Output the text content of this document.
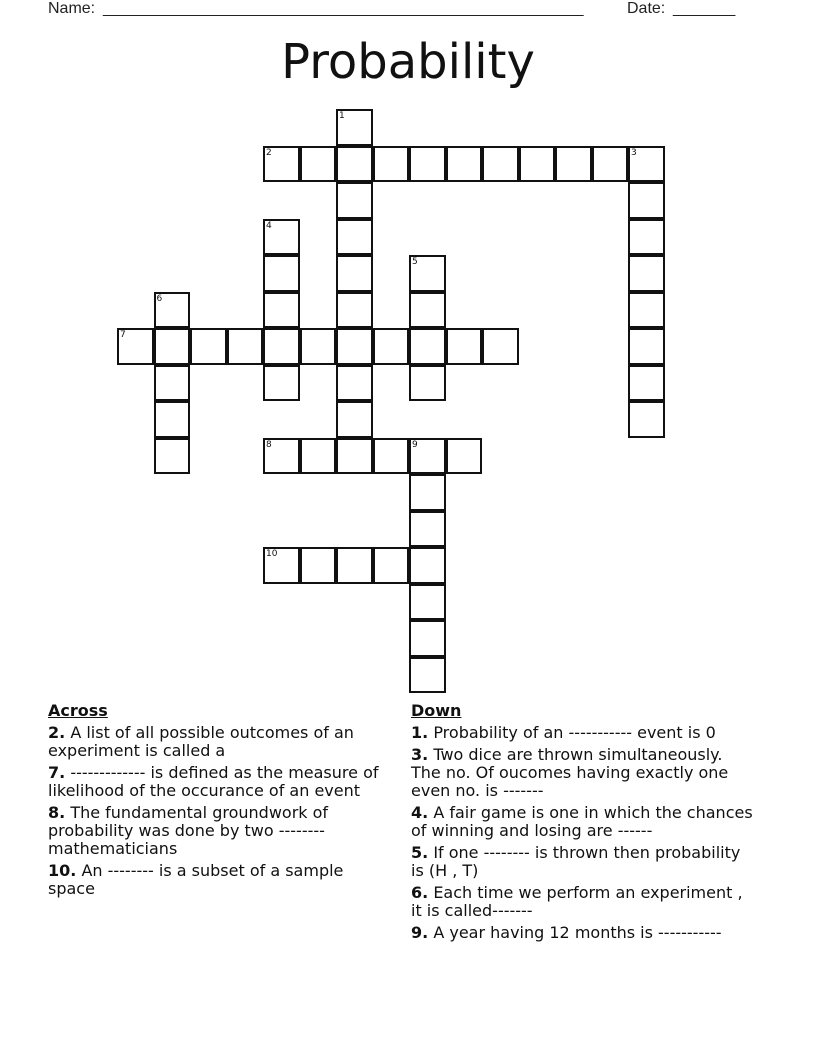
Name: ______________________________________________________	Date: _______
Probability
2	3
7
8	9
10
1
4
5
6
Across
2. A list of all possible outcomes of an experiment is called a
7. ------------- is defined as the measure of likelihood of the occurance of an event
8. The fundamental groundwork of probability was done by two -------- mathematicians
10. An -------- is a subset of a sample space
Down
1. Probability of an ----------- event is 0
3. Two dice are thrown simultaneously. The no. Of oucomes having exactly one even no. is -------
4. A fair game is one in which the chances of winning and losing are ------
5. If one -------- is thrown then probability is (H , T)
6. Each time we perform an experiment , it is called-------
9. A year having 12 months is -----------
